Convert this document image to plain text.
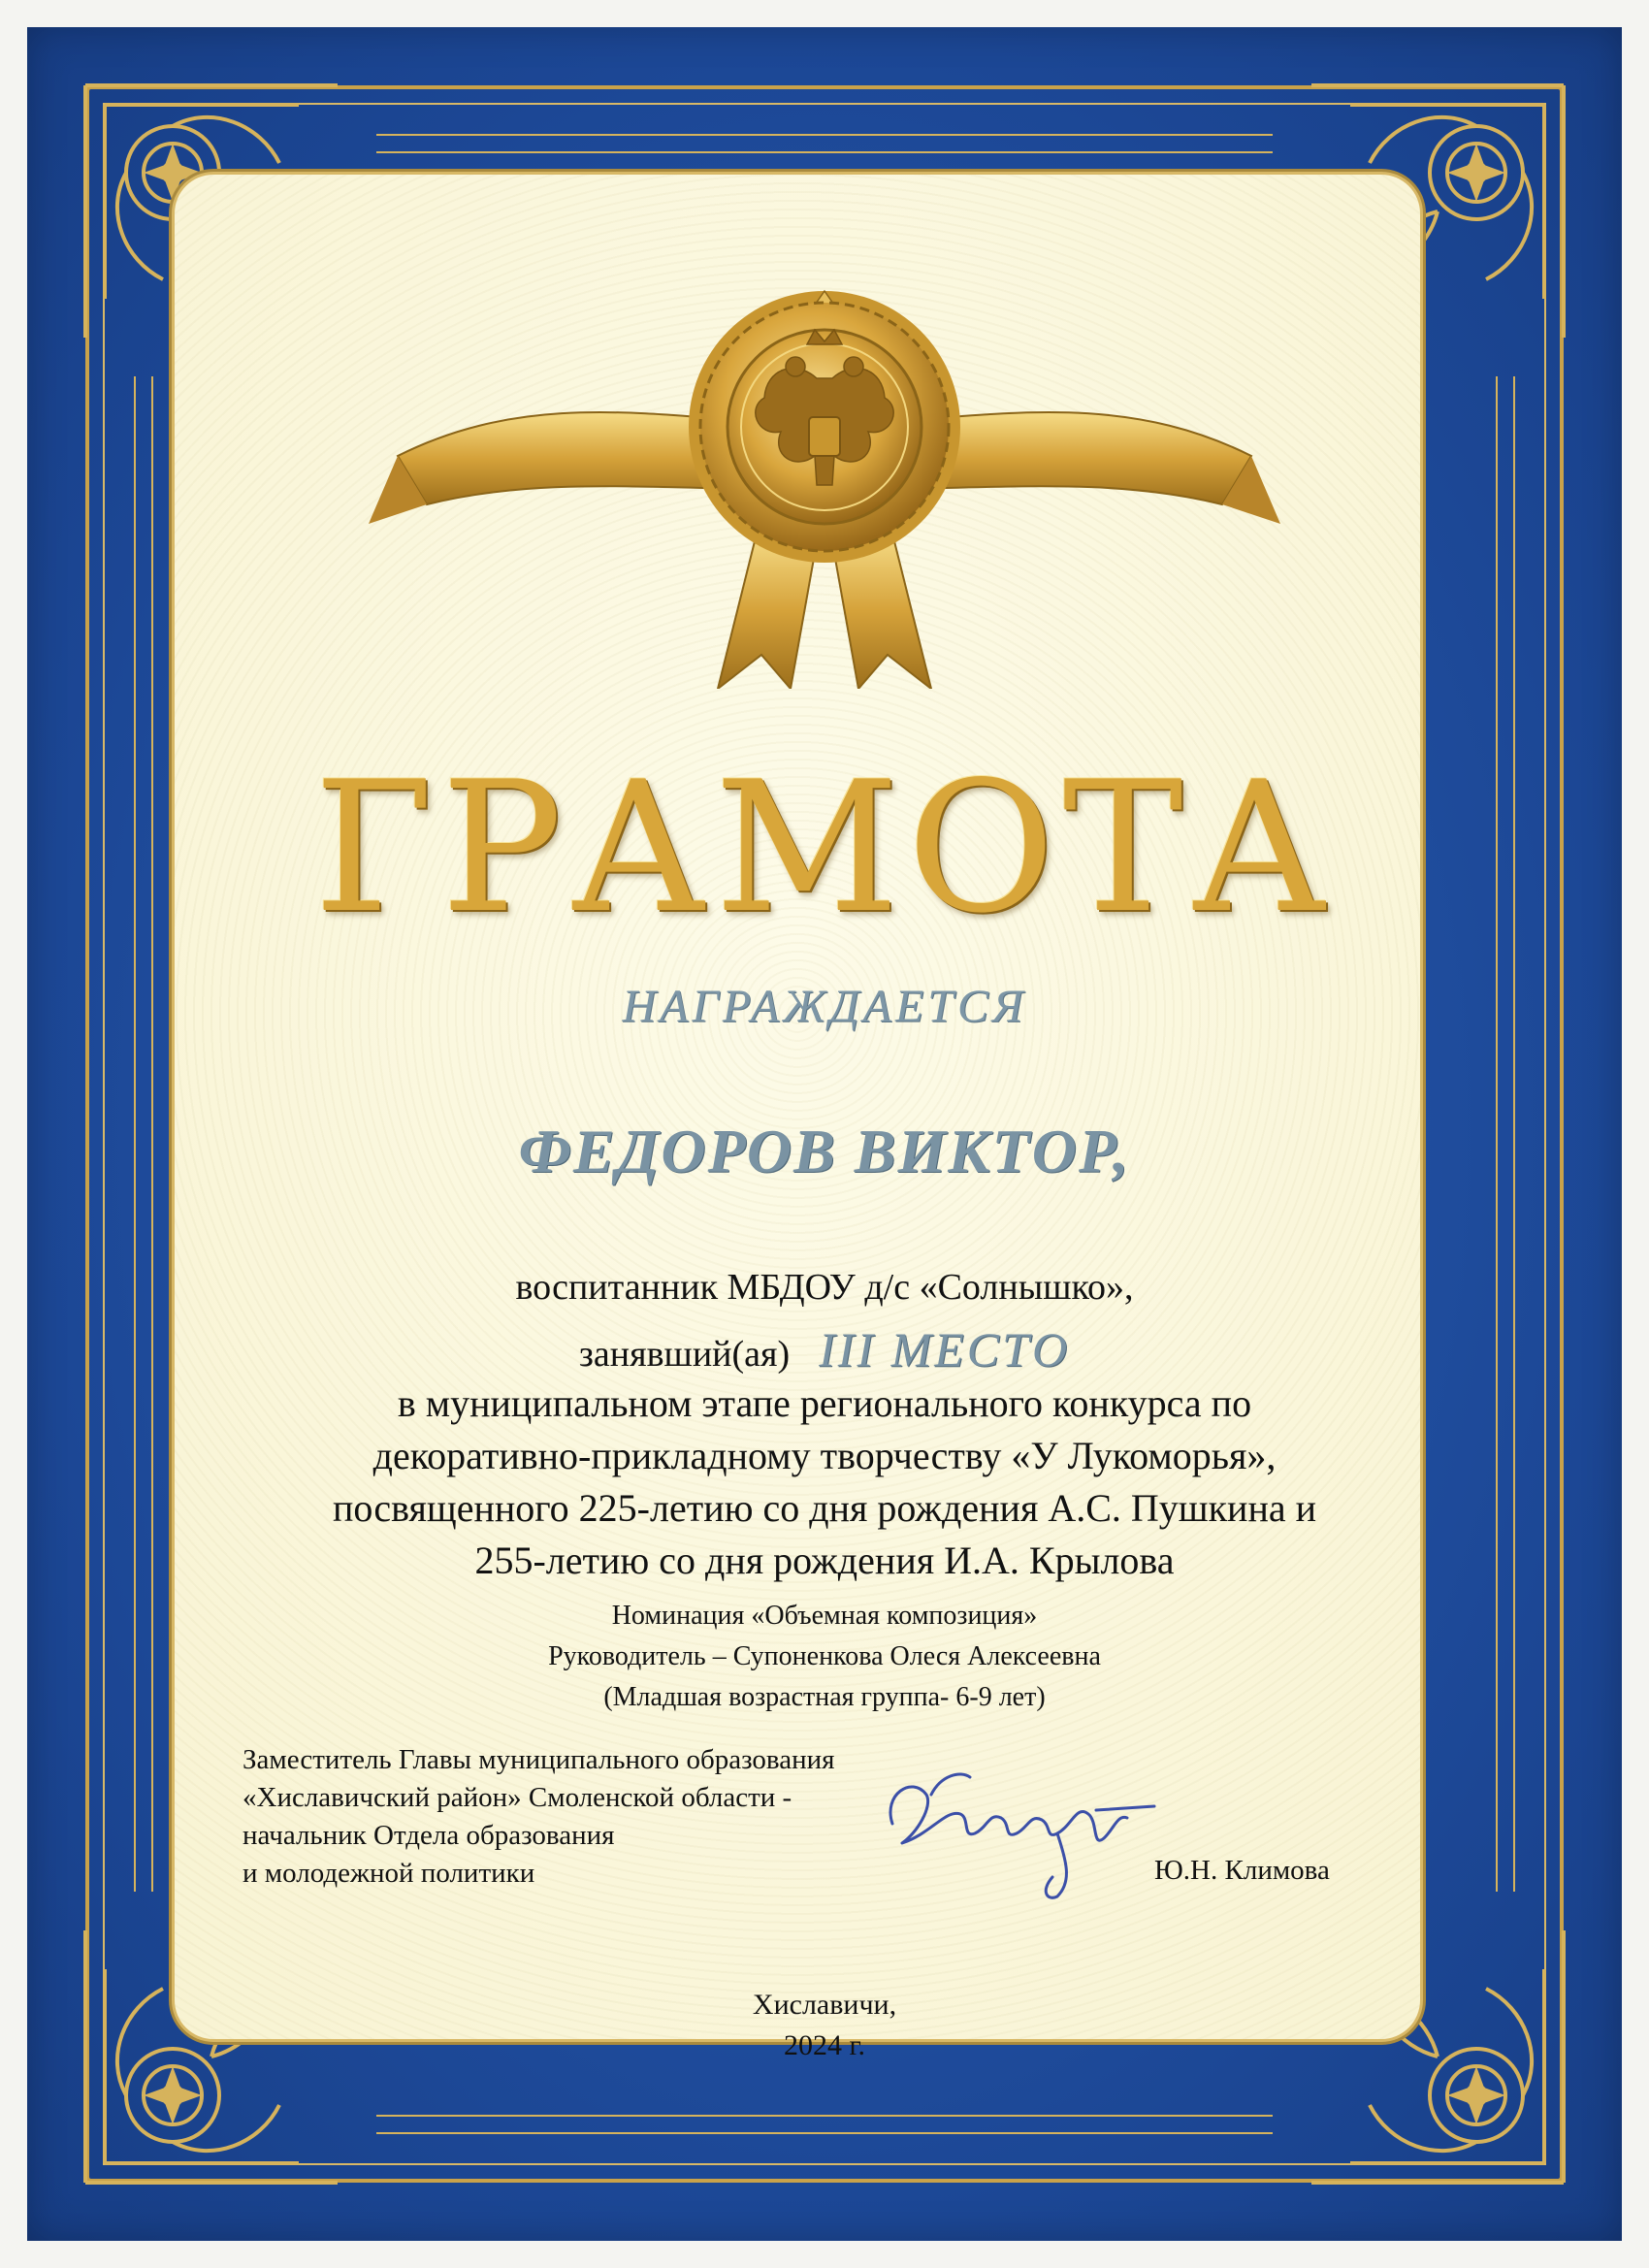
ГРАМОТА
НАГРАЖДАЕТСЯ
ФЕДОРОВ ВИКТОР,
воспитанник МБДОУ д/с «Солнышко»,
занявший(ая) III МЕСТО
в муниципальном этапе регионального конкурса по
декоративно-прикладному творчеству «У Лукоморья»,
посвященного 225-летию со дня рождения А.С. Пушкина и
255-летию со дня рождения И.А. Крылова
Номинация «Объемная композиция»
Руководитель – Супоненкова Олеся Алексеевна
(Младшая возрастная группа- 6-9 лет)
Заместитель Главы муниципального образования
«Хиславичский район» Смоленской области -
начальник Отдела образования
и молодежной политики	Ю.Н. Климова
Хиславичи,
2024 г.
